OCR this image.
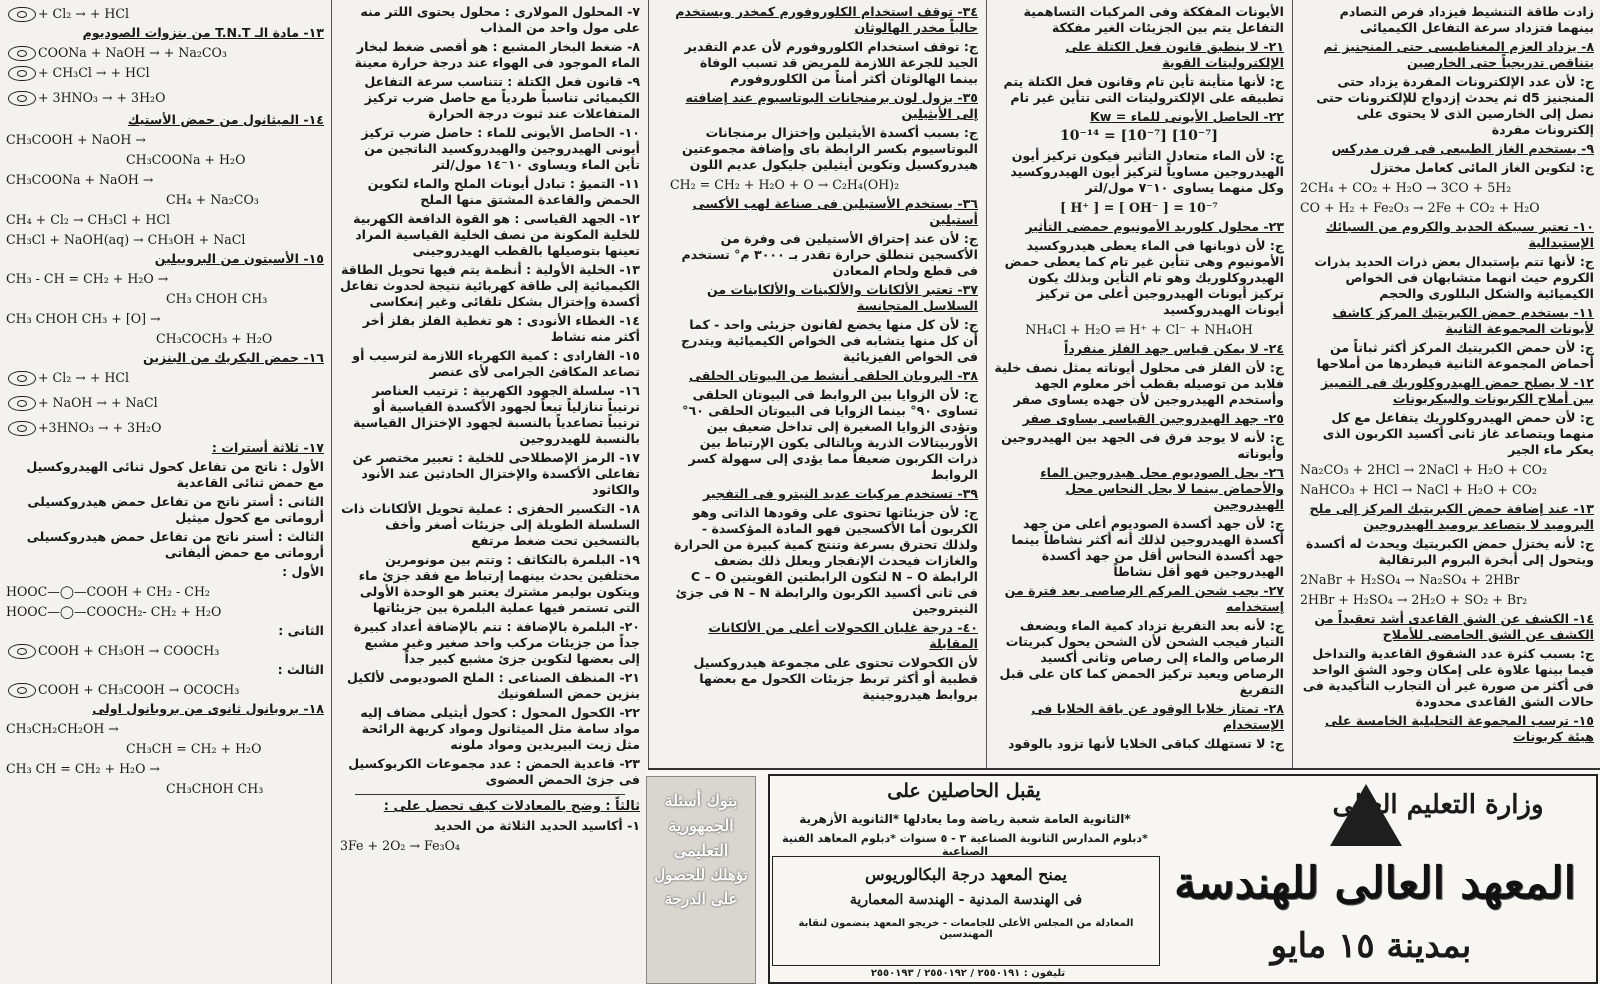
زادت طاقة التنشيط فيزداد فرص التصادم بينهما فتزداد سرعة التفاعل الكيميائى

٨- يزداد العزم المغناطيسى حتى المنجنيز ثم يتناقص تدريجياً حتى الخارصين

ج: لأن عدد الإلكترونات المفردة يزداد حتى المنجنيز d5 ثم يحدث إزدواج للإلكترونات حتى نصل إلى الخارصين الذى لا يحتوى على إلكترونات مفردة

٩- يستخدم الغاز الطبيعى فى فرن مدركس

ج: لتكوين الغاز المائى كعامل مختزل

2CH₄ + CO₂ + H₂O → 3CO + 5H₂
CO + H₂ + Fe₂O₃ → 2Fe + CO₂ + H₂O

١٠- تعتبر سبيكة الحديد والكروم من السبائك الإستبدالية

ج: لأنها تتم بإستبدال بعض ذرات الحديد بذرات الكروم حيث انهما متشابهان فى الخواص الكيميائية والشكل البللورى والحجم

١١- يستخدم حمض الكبريتيك المركز كاشف لأيونات المجموعة الثانية

ج: لأن حمض الكبريتيك المركز أكثر ثباتاً من أحماض المجموعة الثانية فيطردها من أملاحها

١٢- لا يصلح حمض الهيدروكلوريك فى التمييز بين أملاح الكربونات والبيكربونات

ج: لأن حمض الهيدروكلوريك يتفاعل مع كل منهما ويتصاعد غاز ثانى أكسيد الكربون الذى يعكر ماء الجير

Na₂CO₃ + 2HCl → 2NaCl + H₂O + CO₂
NaHCO₃ + HCl → NaCl + H₂O + CO₂

١٣- عند إضافة حمض الكبريتيك المركز إلى ملح البروميد لا يتصاعد بروميد الهيدروجين

ج: لأنه يختزل حمض الكبريتيك ويحدث له أكسدة ويتحول إلى أبخرة البروم البرتقالية

2NaBr + H₂SO₄ → Na₂SO₄ + 2HBr
2HBr + H₂SO₄ → 2H₂O + SO₂ + Br₂

١٤- الكشف عن الشق القاعدى أشد تعقيداً من الكشف عن الشق الحامضى للأملاح

ج: بسبب كثرة عدد الشقوق القاعدية والتداخل فيما بينها علاوة على إمكان وجود الشق الواحد فى أكثر من صورة غير أن التجارب التأكيدية فى حالات الشق القاعدى محدودة

١٥- ترسب المجموعة التحليلية الخامسة على هيئة كربونات

الأيونات المفككة وفى المركبات التساهمية التفاعل يتم بين الجزيئات الغير مفككة

٢١- لا ينطبق قانون فعل الكتلة على الإلكتروليتات القوية

ج: لأنها متأينة تأين تام وقانون فعل الكتلة يتم تطبيقه على الإلكتروليتات التى تتأين غير تام

٢٢- الحاصل الأيونى للماء = Kw

10⁻¹⁴ = [10⁻⁷] [10⁻⁷]

ج: لأن الماء متعادل التأثير فيكون تركيز أيون الهيدروجين مساوياً لتركيز أيون الهيدروكسيد وكل منهما يساوى ١٠⁻٧ مول/لتر

[ H⁺ ] = [ OH⁻ ] = 10⁻⁷

٢٣- محلول كلوريد الأمونيوم حمضى التأثير

ج: لأن ذوبانها فى الماء يعطى هيدروكسيد الأمونيوم وهى تتأين غير تام كما يعطى حمض الهيدروكلوريك وهو تام التأين وبذلك يكون تركيز أيونات الهيدروجين أعلى من تركيز أيونات الهيدروكسيد

NH₄Cl + H₂O ⇌ H⁺ + Cl⁻ + NH₄OH

٢٤- لا يمكن قياس جهد الفلز منفرداً

ج: لأن الفلز فى محلول أيوناته يمثل نصف خلية فلابد من توصيله بقطب أخر معلوم الجهد وأستخدم الهيدروجين لأن جهده يساوى صفر

٢٥- جهد الهيدروجين القياسى يساوى صفر

ج: لأنه لا يوجد فرق فى الجهد بين الهيدروجين وأيوناته

٢٦- يحل الصوديوم محل هيدروجين الماء والأحماض بينما لا يحل النحاس محل الهيدروجين

ج: لأن جهد أكسدة الصوديوم أعلى من جهد أكسدة الهيدروجين لذلك أنه أكثر نشاطاً بينما جهد أكسدة النحاس أقل من جهد أكسدة الهيدروجين فهو أقل نشاطاً

٢٧- يجب شحن المركم الرصاصى بعد فترة من إستخدامه

ج: لأنه بعد التفريغ تزداد كمية الماء ويضعف التيار فيجب الشحن لأن الشحن يحول كبريتات الرصاص والماء إلى رصاص وثانى أكسيد الرصاص ويعيد تركيز الحمض كما كان على قبل التفريغ

٢٨- تمتاز خلايا الوقود عن باقة الخلايا فى الإستخدام

ج: لا تستهلك كباقى الخلايا لأنها تزود بالوقود

٣٤- توقف استخدام الكلوروفورم كمخدر ويستخدم حالياً مخدر الهالوثان

ج: توقف استخدام الكلوروفورم لأن عدم التقدير الجيد للجرعة اللازمة للمريض قد تسبب الوفاة بينما الهالوثان أكثر أمناً من الكلوروفورم

٣٥- يزول لون برمنجانات البوتاسيوم عند إضافته إلى الأيثيلين

ج: بسبب أكسدة الأيثيلين وإختزال برمنجانات البوتاسيوم بكسر الرابطة باى وإضافة مجموعتين هيدروكسيل وتكوين أيثيلين جليكول عديم اللون

CH₂ = CH₂ + H₂O + O → C₂H₄(OH)₂

٣٦- يستخدم الأستيلين فى صناعة لهب الأكسى أستيلين

ج: لأن عند إحتراق الأستيلين فى وفرة من الأكسجين تنطلق حرارة تقدر بـ ٣٠٠٠ م° تستخدم فى قطع ولحام المعادن

٣٧- تعتبر الألكانات والألكينات والألكاينات من السلاسل المتجانسة

ج: لأن كل منها يخضع لقانون جزيئى واحد - كما أن كل منها يتشابه فى الخواص الكيميائية ويتدرج فى الخواص الفيزيائية

٣٨- البروبان الحلقى أنشط من البيوتان الحلقى

ج: لأن الزوايا بين الروابط فى البيوتان الحلقى تساوى ٩٠° بينما الزوايا فى البيوتان الحلقى ٦٠° وتؤدى الزوايا الصغيرة إلى تداخل ضعيف بين الأوربيتالات الذرية وبالتالى يكون الإرتباط بين ذرات الكربون ضعيفاً مما يؤدى إلى سهولة كسر الروابط

٣٩- تستخدم مركبات عديد النيترو فى التفجير

ج: لأن جزيئاتها تحتوى على وقودها الذاتى وهو الكربون أما الأكسجين فهو المادة المؤكسدة - ولذلك تحترق بسرعة وتنتج كمية كبيرة من الحرارة والغازات فيحدث الإنفجار ويعلل ذلك بضعف الرابطة N – O لتكون الرابطتين القويتين C – O فى ثانى أكسيد الكربون والرابطة N – N فى جزئ النيتروجين

٤٠- درجة غليان الكحولات أعلى من الألكانات المقابلة

لأن الكحولات تحتوى على مجموعة هيدروكسيل قطبية أو أكثر تربط جزيئات الكحول مع بعضها بروابط هيدروجينية

٧- المحلول المولارى : محلول يحتوى اللتر منه على مول واحد من المذاب

٨- ضغط البخار المشبع : هو أقصى ضغط لبخار الماء الموجود فى الهواء عند درجة حرارة معينة

٩- قانون فعل الكتلة : تتناسب سرعة التفاعل الكيميائى تناسباً طردياً مع حاصل ضرب تركيز المتفاعلات عند ثبوت درجة الحرارة

١٠- الحاصل الأيونى للماء : حاصل ضرب تركيز أيونى الهيدروجين والهيدروكسيد الناتجين من تأين الماء ويساوى ١٠⁻١٤ مول/لتر

١١- التميؤ : تبادل أيونات الملح والماء لتكوين الحمض والقاعدة المشتق منها الملح

١٢- الجهد القياسى : هو القوة الدافعة الكهربية للخلية المكونة من نصف الخلية القياسية المراد تعينها بتوصيلها بالقطب الهيدروجينى

١٣- الخلية الأولية : أنظمة يتم فيها تحويل الطاقة الكيميائية إلى طاقة كهربائية نتيجة لحدوث تفاعل أكسدة وإختزال بشكل تلقائى وغير إنعكاسى

١٤- الغطاء الأنودى : هو تغطية الفلز بفلز أخر أكثر منه نشاط

١٥- الفارادى : كمية الكهرباء اللازمة لترسيب أو تصاعد المكافئ الجرامى لأى عنصر

١٦- سلسلة الجهود الكهربية : ترتيب العناصر ترتيباً تنازلياً تبعاً لجهود الأكسدة القياسية أو ترتيباً تصاعدياً بالنسبة لجهود الإختزال القياسية بالنسبة للهيدروجين

١٧- الرمز الإصطلاحى للخلية : تعبير مختصر عن تفاعلى الأكسدة والإختزال الحادثين عند الأنود والكاثود

١٨- التكسير الحفزى : عملية تحويل الألكانات ذات السلسلة الطويلة إلى جزيئات أصغر وأخف بالتسخين تحت ضغط مرتفع

١٩- البلمرة بالتكاثف : وتتم بين مونومرين مختلفين يحدث بينهما إرتباط مع فقد جزئ ماء ويتكون بوليمر مشترك يعتبر هو الوحدة الأولى التى تستمر فيها عملية البلمرة بين جزيئاتها

٢٠- البلمرة بالإضافة : تتم بالإضافة أعداد كبيرة جداً من جزيئات مركب واحد صغير وغير مشبع إلى بعضها لتكوين جزئ مشبع كبير جداً

٢١- المنظف الصناعى : الملح الصوديومى لألكيل بنزين حمض السلفونيك

٢٢- الكحول المحول : كحول أيثيلى مضاف إليه مواد سامة مثل الميثانول ومواد كريهة الرائحة مثل زيت البيريدين ومواد ملونه

٢٣- قاعدية الحمض : عدد مجموعات الكربوكسيل فى جزئ الحمض العضوى

ثالثاً : وضح بالمعادلات كيف تحصل على :

١- أكاسيد الحديد الثلاثة من الحديد

3Fe + 2O₂ → Fe₃O₄
+ Cl₂ → + HCl

١٣- مادة الـ T.N.T من بنزوات الصوديوم

COONa + NaOH → + Na₂CO₃
+ CH₃Cl → + HCl
+ 3HNO₃ → + 3H₂O

١٤- الميثانول من حمض الأستيك

CH₃COOH + NaOH →
CH₃COONa + H₂O
CH₃COONa + NaOH →
CH₄ + Na₂CO₃
CH₄ + Cl₂ → CH₃Cl + HCl
CH₃Cl + NaOH(aq) → CH₃OH + NaCl

١٥- الأسيتون من البروبيلين

CH₃ - CH = CH₂ + H₂O →
CH₃ CHOH CH₃
CH₃ CHOH CH₃ + [O] →
CH₃COCH₃ + H₂O

١٦- حمض البكريك من البنزين

+ Cl₂ → + HCl
+ NaOH → + NaCl
+3HNO₃ → + 3H₂O

١٧- ثلاثة أسترات :

الأول : ناتج من تفاعل كحول ثنائى الهيدروكسيل مع حمض ثنائى القاعدية

الثانى : أستر ناتج من تفاعل حمض هيدروكسيلى أروماتى مع كحول ميثيل

الثالث : أستر ناتج من تفاعل حمض هيدروكسيلى أروماتى مع حمض أليفاتى

الأول :

HOOC—◯—COOH + CH₂ - CH₂
HOOC—◯—COOCH₂- CH₂ + H₂O

الثانى :

COOH + CH₃OH → COOCH₃

الثالث :

COOH + CH₃COOH → OCOCH₃

١٨- بروبانول ثانوى من بروبانول اولى

CH₃CH₂CH₂OH →
CH₃CH = CH₂ + H₂O
CH₃ CH = CH₂ + H₂O →
CH₃CHOH CH₃
بنوك أسئلة
الجمهورية
التعليمى
تؤهلك للحصول
على الدرجة
وزارة التعليم العالى
المعهد العالى للهندسة
بمدينة ١٥ مايو
يقبل الحاصلين على
*الثانوية العامة شعبة رياضة وما يعادلها *الثانوية الأزهرية
*دبلوم المدارس الثانوية الصناعية ٣ - ٥ سنوات *دبلوم المعاهد الفنية الصناعية
يمنح المعهد درجة البكالوريوس
فى الهندسة المدنية - الهندسة المعمارية
المعادلة من المجلس الأعلى للجامعات - خريجو المعهد ينضمون لنقابة المهندسين
تليفون : ٢٥٥٠١٩١ / ٢٥٥٠١٩٢ / ٢٥٥٠١٩٣
